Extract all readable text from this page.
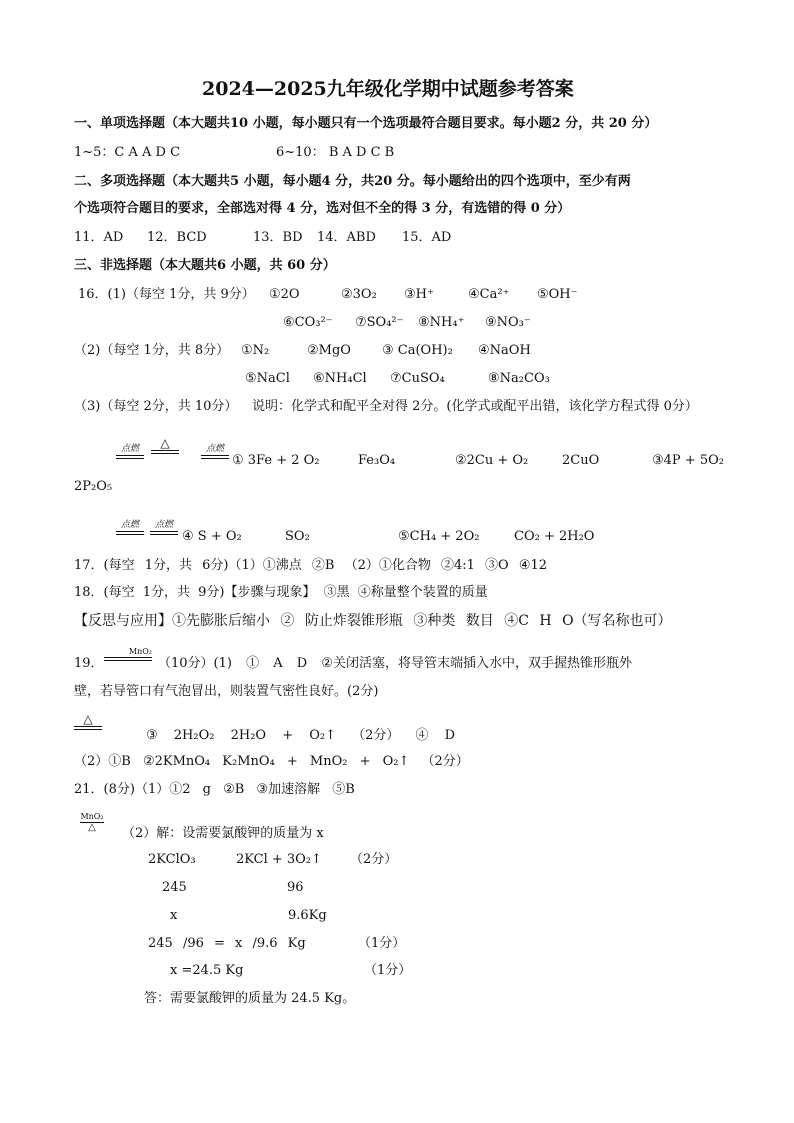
2024—2025九年级化学期中试题参考答案
一、单项选择题（本大题共10 小题，每小题只有一个选项最符合题目要求。每小题2 分，共 20 分）
1~5：C A A D C	6~10： B A D C B
二、多项选择题（本大题共5 小题，每小题4 分，共20 分。每小题给出的四个选项中，至少有两
个选项符合题目的要求，全部选对得 4 分，选对但不全的得 3 分，有选错的得 0 分）
11．AD 12．BCD	13．BD 14．ABD 15．AD
三、非选择题（本大题共6 小题，共 60 分）
16．(1)（每空 1分，共 9分） ①2O	②3O₂ ③H⁺	④Ca²⁺ ⑤OH⁻
⑥CO₃²⁻ ⑦SO₄²⁻ ⑧NH₄⁺ ⑨NO₃⁻
（2)（每空 1分，共 8分） ①N₂	②MgO ③ Ca(OH)₂ ④NaOH
⑤NaCl ⑥NH₄Cl ⑦CuSO₄	⑧Na₂CO₃
（3)（每空 2分，共 10分） 说明：化学式和配平全对得 2分。(化学式或配平出错，该化学方程式得 0分）
点燃	△	点燃
① 3Fe + 2 O₂	Fe₃O₄	②2Cu + O₂	2CuO	③4P + 5O₂
2P₂O₅
点燃	点燃
④ S + O₂	SO₂	⑤CH₄ + 2O₂	CO₂ + 2H₂O
17．(每空 1分，共 6分)（1）①沸点 ②B （2）①化合物 ②4:1 ③O ④12
18．(每空 1分，共 9分)【步骤与现象】 ③黑 ④称量整个装置的质量
【反思与应用】①先膨胀后缩小 ② 防止炸裂锥形瓶 ③种类 数目 ④C H O（写名称也可）
19．
MnO₂
（10分）(1) ① A D ②关闭活塞，将导管末端插入水中，双手握热锥形瓶外
壁，若导管口有气泡冒出，则装置气密性良好。(2分)
△
③ 2H₂O₂ 2H₂O + O₂↑ （2分） ④ D
（2）①B ②2KMnO₄ K₂MnO₄ + MnO₂ + O₂↑ （2分）
21．(8分)（1）①2 g ②B ③加速溶解 ⑤B
MnO₂
△	（2）解：设需要氯酸钾的质量为 x
2KClO₃	2KCl + 3O₂↑ （2分）
245	96
x	9.6Kg
245 /96 = x /9.6 Kg	（1分）
x =24.5 Kg	（1分）
答：需要氯酸钾的质量为 24.5 Kg。
